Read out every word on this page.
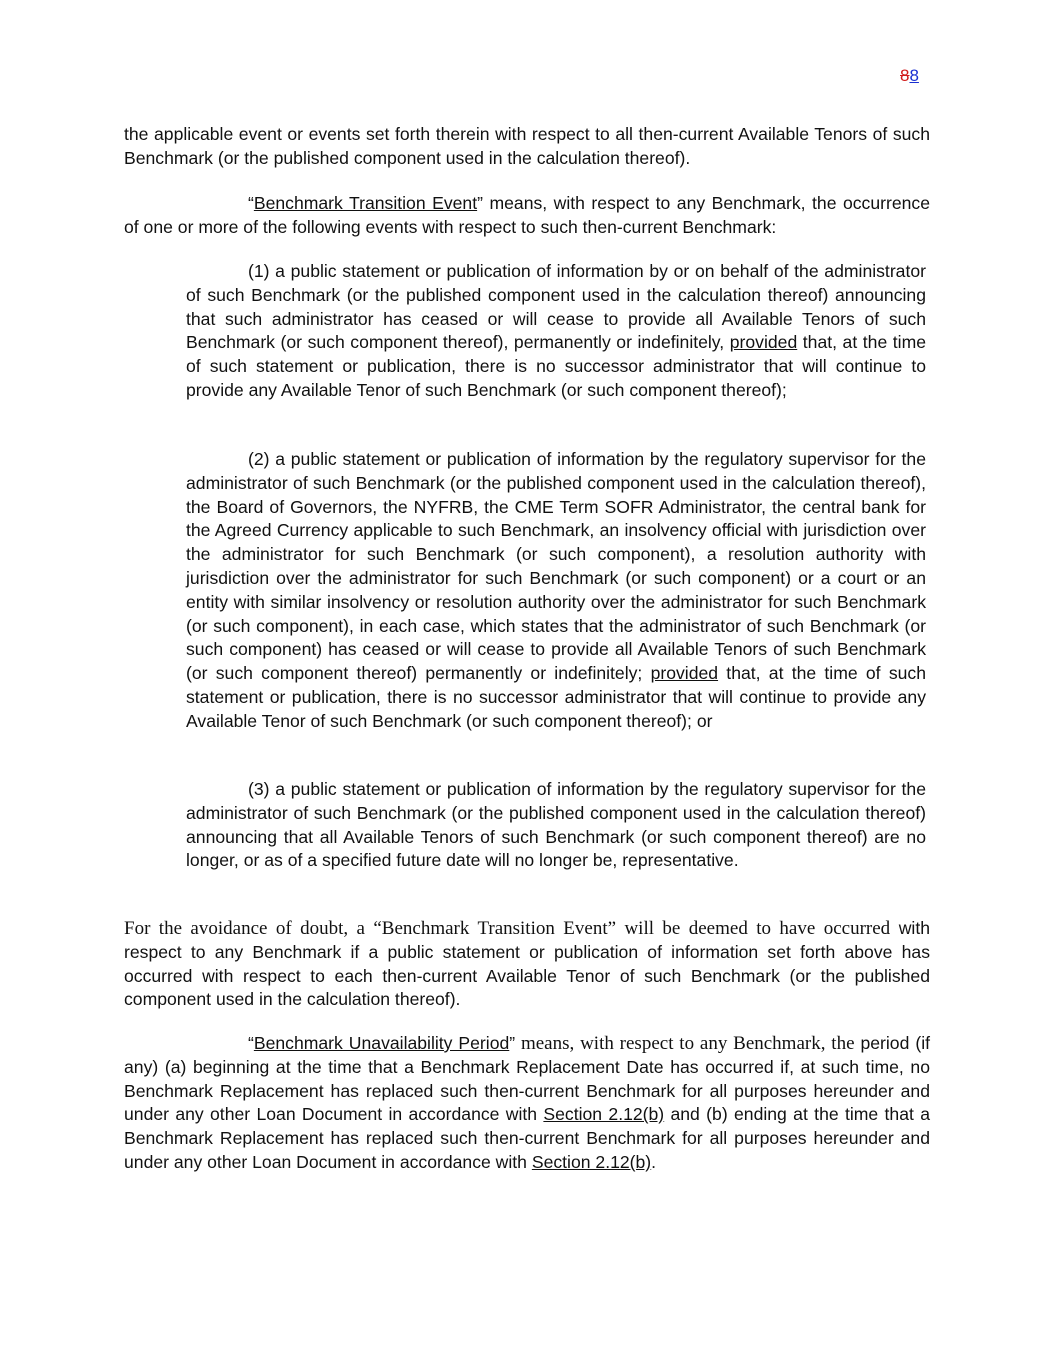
88
the applicable event or events set forth therein with respect to all then-current Available Tenors of such Benchmark (or the published component used in the calculation thereof).
“Benchmark Transition Event” means, with respect to any Benchmark, the occurrence of one or more of the following events with respect to such then-current Benchmark:
(1) a public statement or publication of information by or on behalf of the administrator of such Benchmark (or the published component used in the calculation thereof) announcing that such administrator has ceased or will cease to provide all Available Tenors of such Benchmark (or such component thereof), permanently or indefinitely, provided that, at the time of such statement or publication, there is no successor administrator that will continue to provide any Available Tenor of such Benchmark (or such component thereof);
(2) a public statement or publication of information by the regulatory supervisor for the administrator of such Benchmark (or the published component used in the calculation thereof), the Board of Governors, the NYFRB, the CME Term SOFR Administrator, the central bank for the Agreed Currency applicable to such Benchmark, an insolvency official with jurisdiction over the administrator for such Benchmark (or such component), a resolution authority with jurisdiction over the administrator for such Benchmark (or such component) or a court or an entity with similar insolvency or resolution authority over the administrator for such Benchmark (or such component), in each case, which states that the administrator of such Benchmark (or such component) has ceased or will cease to provide all Available Tenors of such Benchmark (or such component thereof) permanently or indefinitely; provided that, at the time of such statement or publication, there is no successor administrator that will continue to provide any Available Tenor of such Benchmark (or such component thereof); or
(3) a public statement or publication of information by the regulatory supervisor for the administrator of such Benchmark (or the published component used in the calculation thereof) announcing that all Available Tenors of such Benchmark (or such component thereof) are no longer, or as of a specified future date will no longer be, representative.
For the avoidance of doubt, a “Benchmark Transition Event” will be deemed to have occurred with respect to any Benchmark if a public statement or publication of information set forth above has occurred with respect to each then-current Available Tenor of such Benchmark (or the published component used in the calculation thereof).
“Benchmark Unavailability Period” means, with respect to any Benchmark, the period (if any) (a) beginning at the time that a Benchmark Replacement Date has occurred if, at such time, no Benchmark Replacement has replaced such then-current Benchmark for all purposes hereunder and under any other Loan Document in accordance with Section 2.12(b) and (b) ending at the time that a Benchmark Replacement has replaced such then-current Benchmark for all purposes hereunder and under any other Loan Document in accordance with Section 2.12(b).
